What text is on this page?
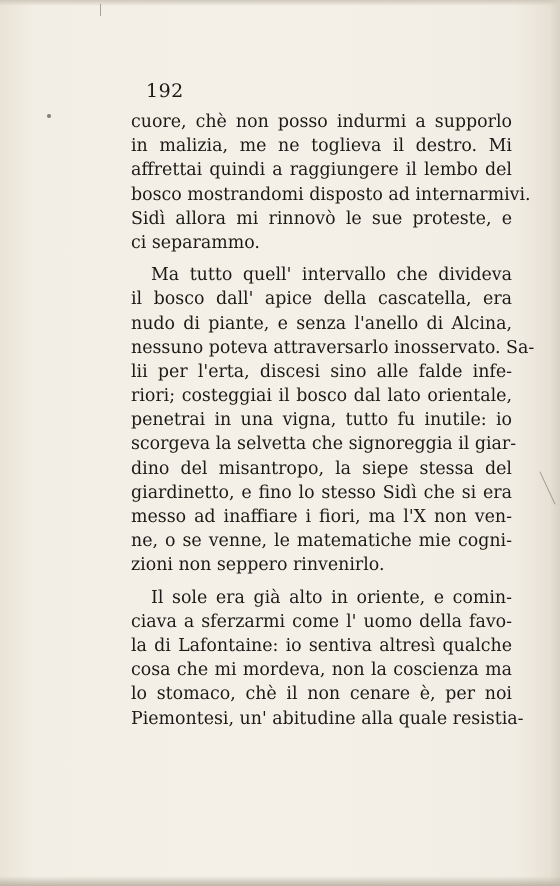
192
cuore, chè non posso indurmi a supporlo
in malizia, me ne toglieva il destro. Mi
affrettai quindi a raggiungere il lembo del
bosco mostrandomi disposto ad internarmivi.
Sidì allora mi rinnovò le sue proteste, e
ci separammo.
Ma tutto quell' intervallo che divideva
il bosco dall' apice della cascatella, era
nudo di piante, e senza l'anello di Alcina,
nessuno poteva attraversarlo inosservato. Sa-
lii per l'erta, discesi sino alle falde infe-
riori; costeggiai il bosco dal lato orientale,
penetrai in una vigna, tutto fu inutile: io
scorgeva la selvetta che signoreggia il giar-
dino del misantropo, la siepe stessa del
giardinetto, e fino lo stesso Sidì che si era
messo ad inaffiare i fiori, ma l'X non ven-
ne, o se venne, le matematiche mie cogni-
zioni non seppero rinvenirlo.
Il sole era già alto in oriente, e comin-
ciava a sferzarmi come l' uomo della favo-
la di Lafontaine: io sentiva altresì qualche
cosa che mi mordeva, non la coscienza ma
lo stomaco, chè il non cenare è, per noi
Piemontesi, un' abitudine alla quale resistia-
